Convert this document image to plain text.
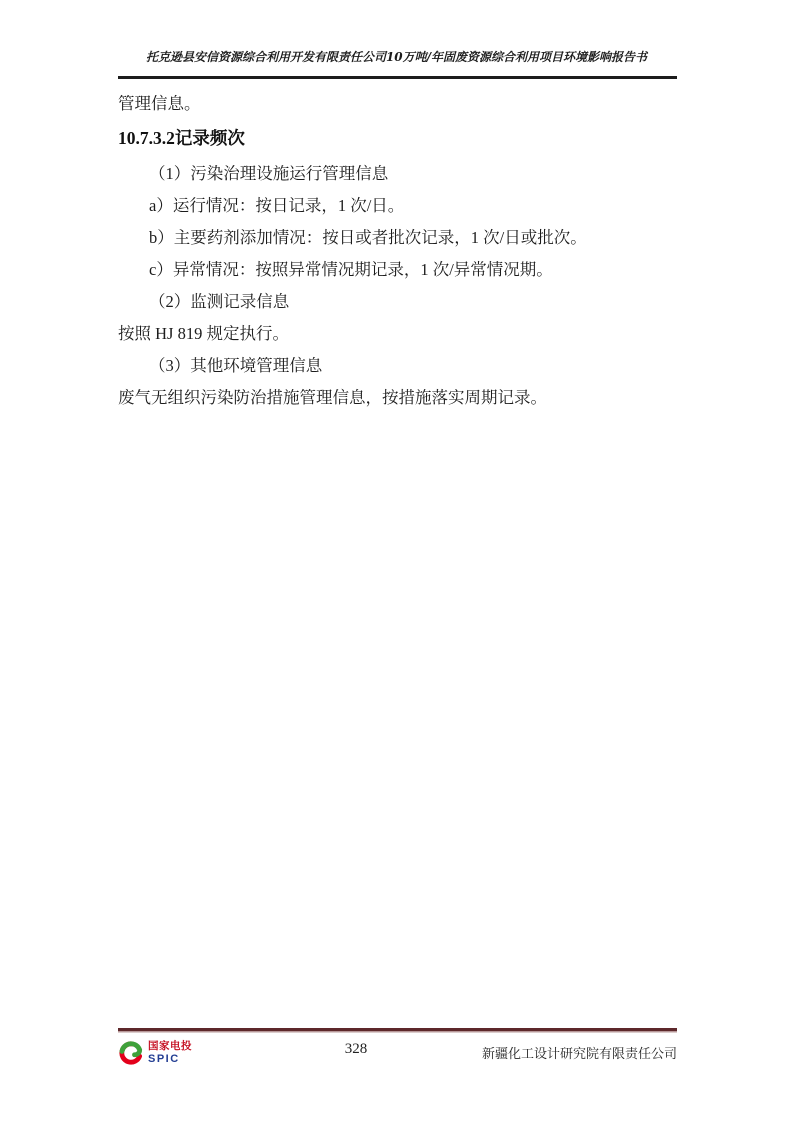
托克逊县安信资源综合利用开发有限责任公司10万吨/年固废资源综合利用项目环境影响报告书

管理信息。

10.7.3.2记录频次

（1）污染治理设施运行管理信息

a）运行情况：按日记录，1 次/日。

b）主要药剂添加情况：按日或者批次记录，1 次/日或批次。

c）异常情况：按照异常情况期记录，1 次/异常情况期。

（2）监测记录信息

按照 HJ 819 规定执行。

（3）其他环境管理信息

废气无组织污染防治措施管理信息，按措施落实周期记录。

国家电投
SPIC
328	新疆化工设计研究院有限责任公司
